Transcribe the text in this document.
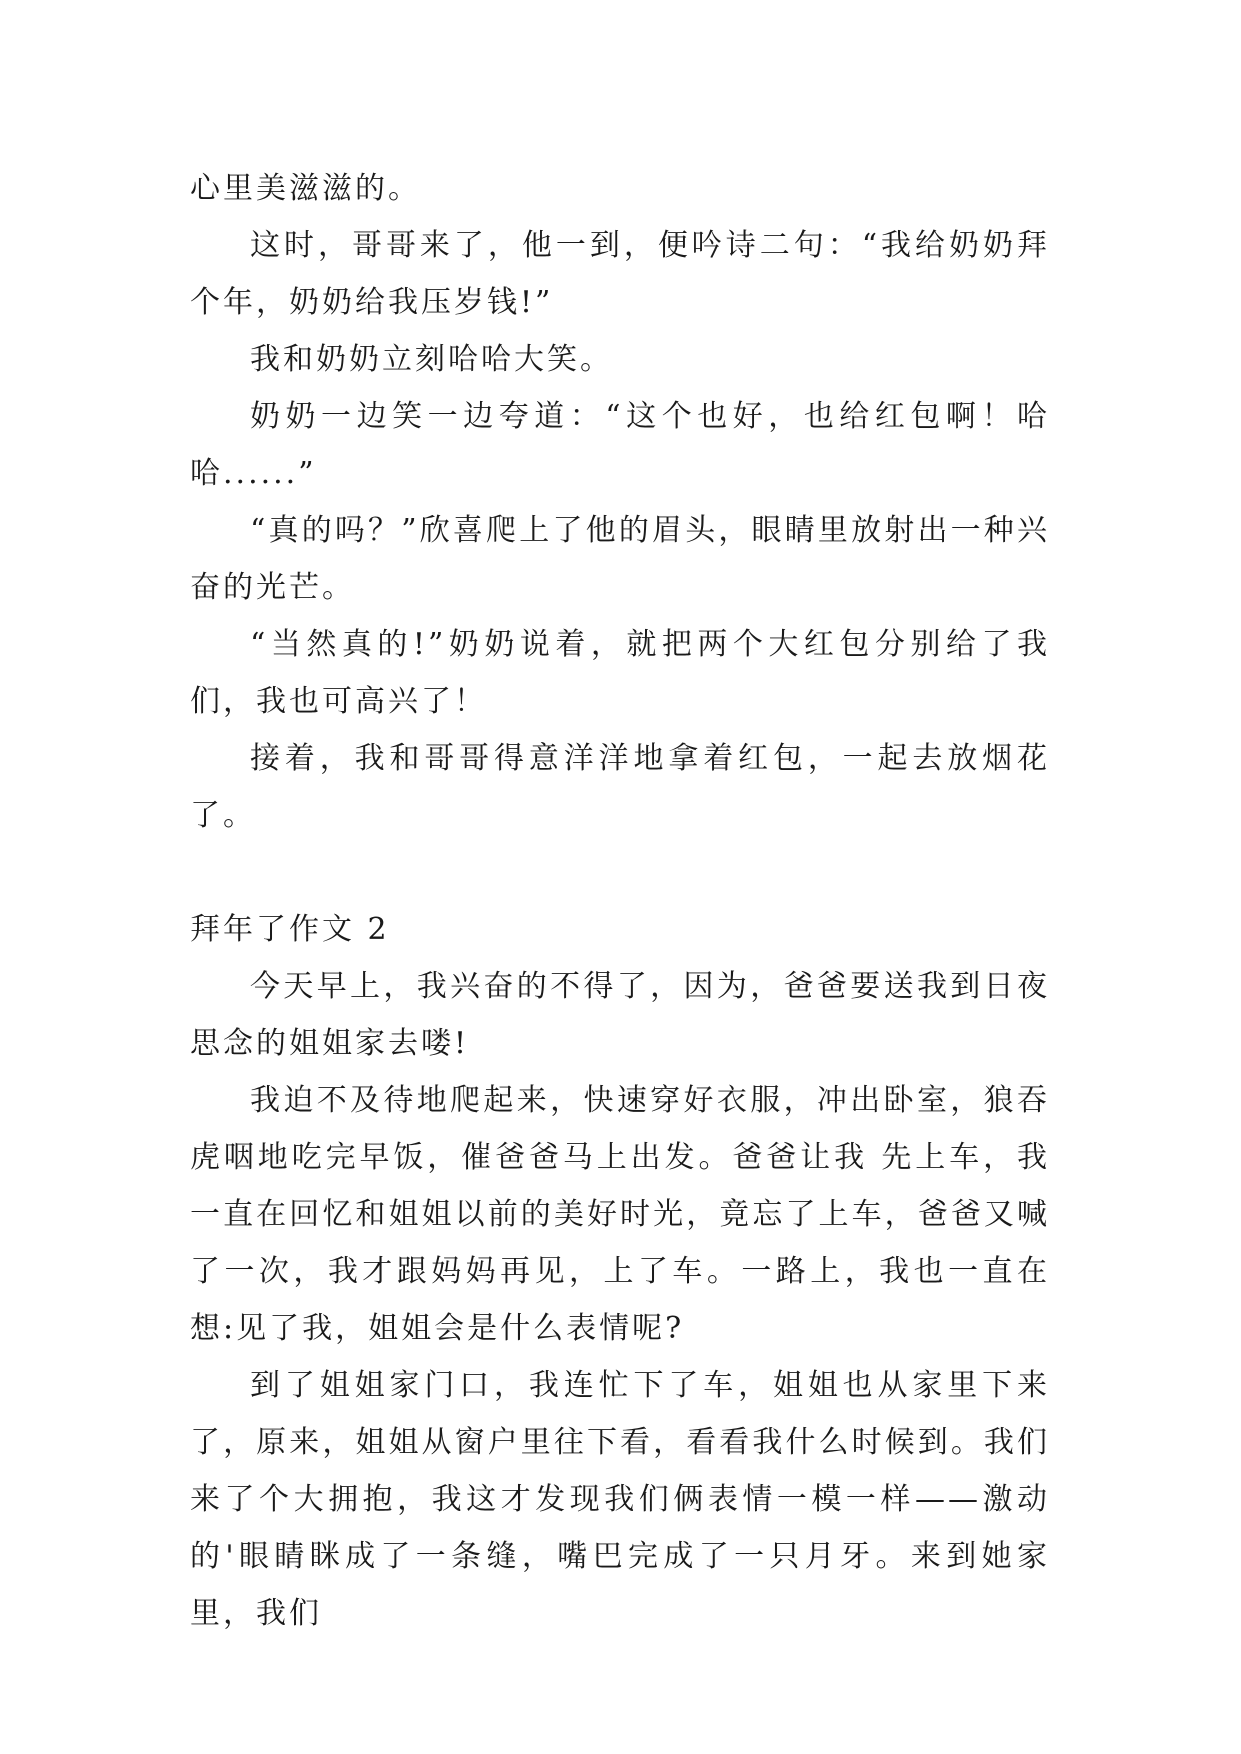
心里美滋滋的。

这时，哥哥来了，他一到，便吟诗二句：“我给奶奶拜个年，奶奶给我压岁钱!”

我和奶奶立刻哈哈大笑。

奶奶一边笑一边夸道：“这个也好，也给红包啊！哈哈......”

“真的吗？”欣喜爬上了他的眉头，眼睛里放射出一种兴奋的光芒。

“当然真的!”奶奶说着，就把两个大红包分别给了我们，我也可高兴了！

接着，我和哥哥得意洋洋地拿着红包，一起去放烟花了。

拜年了作文 2

今天早上，我兴奋的不得了，因为，爸爸要送我到日夜思念的姐姐家去喽!

我迫不及待地爬起来，快速穿好衣服，冲出卧室，狼吞虎咽地吃完早饭，催爸爸马上出发。爸爸让我 先上车，我一直在回忆和姐姐以前的美好时光，竟忘了上车，爸爸又喊了一次，我才跟妈妈再见，上了车。一路上，我也一直在想:见了我，姐姐会是什么表情呢?

到了姐姐家门口，我连忙下了车，姐姐也从家里下来了，原来，姐姐从窗户里往下看，看看我什么时候到。我们来了个大拥抱，我这才发现我们俩表情一模一样——激动的'眼睛眯成了一条缝，嘴巴完成了一只月牙。来到她家里，我们
